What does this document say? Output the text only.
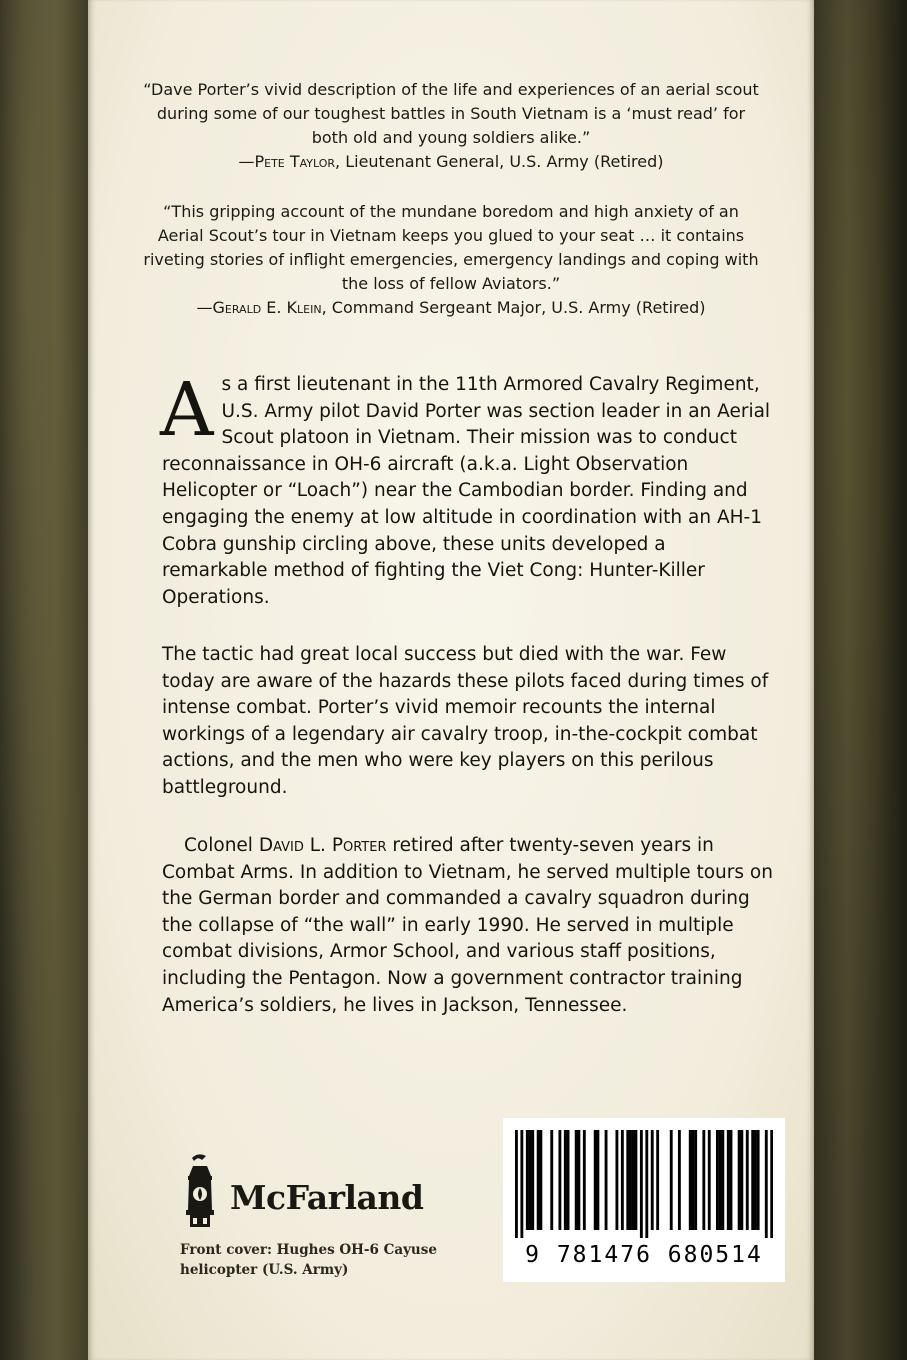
“Dave Porter’s vivid description of the life and experiences of an aerial scout during some of our toughest battles in South Vietnam is a ‘must read’ for both old and young soldiers alike.”
—Pete Taylor, Lieutenant General, U.S. Army (Retired)
“This gripping account of the mundane boredom and high anxiety of an Aerial Scout’s tour in Vietnam keeps you glued to your seat … it contains riveting stories of inflight emergencies, emergency landings and coping with the loss of fellow Aviators.”
—Gerald E. Klein, Command Sergeant Major, U.S. Army (Retired)
As a first lieutenant in the 11th Armored Cavalry Regiment, U.S. Army pilot David Porter was section leader in an Aerial Scout platoon in Vietnam. Their mission was to conduct reconnaissance in OH-6 aircraft (a.k.a. Light Observation Helicopter or “Loach”) near the Cambodian border. Finding and engaging the enemy at low altitude in coordination with an AH-1 Cobra gunship circling above, these units developed a remarkable method of fighting the Viet Cong: Hunter-Killer Operations.
The tactic had great local success but died with the war. Few today are aware of the hazards these pilots faced during times of intense combat. Porter’s vivid memoir recounts the internal workings of a legendary air cavalry troop, in-the-cockpit combat actions, and the men who were key players on this perilous battleground.
Colonel David L. Porter retired after twenty-seven years in Combat Arms. In addition to Vietnam, he served multiple tours on the German border and commanded a cavalry squadron during the collapse of “the wall” in early 1990. He served in multiple combat divisions, Armor School, and various staff positions, including the Pentagon. Now a government contractor training America’s soldiers, he lives in Jackson, Tennessee.
McFarland
Front cover: Hughes OH-6 Cayuse helicopter (U.S. Army)
9 781476 680514
